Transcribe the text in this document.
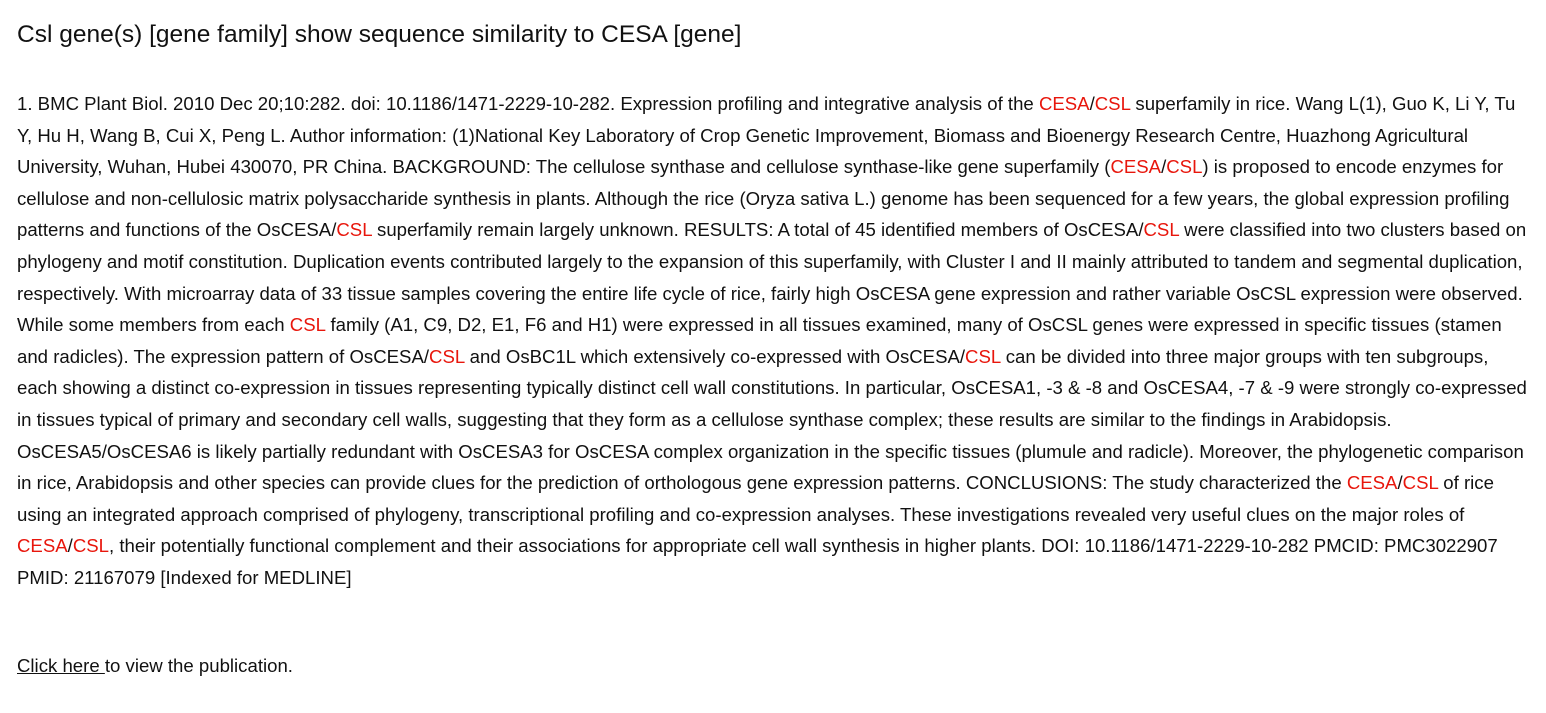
Csl gene(s) [gene family] show sequence similarity to CESA [gene]

1. BMC Plant Biol. 2010 Dec 20;10:282. doi: 10.1186/1471-2229-10-282. Expression profiling and integrative analysis of the CESA/CSL superfamily in rice. Wang L(1), Guo K, Li Y, Tu Y, Hu H, Wang B, Cui X, Peng L. Author information: (1)National Key Laboratory of Crop Genetic Improvement, Biomass and Bioenergy Research Centre, Huazhong Agricultural University, Wuhan, Hubei 430070, PR China. BACKGROUND: The cellulose synthase and cellulose synthase-like gene superfamily (CESA/CSL) is proposed to encode enzymes for cellulose and non-cellulosic matrix polysaccharide synthesis in plants. Although the rice (Oryza sativa L.) genome has been sequenced for a few years, the global expression profiling patterns and functions of the OsCESA/CSL superfamily remain largely unknown. RESULTS: A total of 45 identified members of OsCESA/CSL were classified into two clusters based on phylogeny and motif constitution. Duplication events contributed largely to the expansion of this superfamily, with Cluster I and II mainly attributed to tandem and segmental duplication, respectively. With microarray data of 33 tissue samples covering the entire life cycle of rice, fairly high OsCESA gene expression and rather variable OsCSL expression were observed. While some members from each CSL family (A1, C9, D2, E1, F6 and H1) were expressed in all tissues examined, many of OsCSL genes were expressed in specific tissues (stamen and radicles). The expression pattern of OsCESA/CSL and OsBC1L which extensively co-expressed with OsCESA/CSL can be divided into three major groups with ten subgroups, each showing a distinct co-expression in tissues representing typically distinct cell wall constitutions. In particular, OsCESA1, -3 & -8 and OsCESA4, -7 & -9 were strongly co-expressed in tissues typical of primary and secondary cell walls, suggesting that they form as a cellulose synthase complex; these results are similar to the findings in Arabidopsis. OsCESA5/OsCESA6 is likely partially redundant with OsCESA3 for OsCESA complex organization in the specific tissues (plumule and radicle). Moreover, the phylogenetic comparison in rice, Arabidopsis and other species can provide clues for the prediction of orthologous gene expression patterns. CONCLUSIONS: The study characterized the CESA/CSL of rice using an integrated approach comprised of phylogeny, transcriptional profiling and co-expression analyses. These investigations revealed very useful clues on the major roles of CESA/CSL, their potentially functional complement and their associations for appropriate cell wall synthesis in higher plants. DOI: 10.1186/1471-2229-10-282 PMCID: PMC3022907 PMID: 21167079 [Indexed for MEDLINE]

Click here to view the publication.
